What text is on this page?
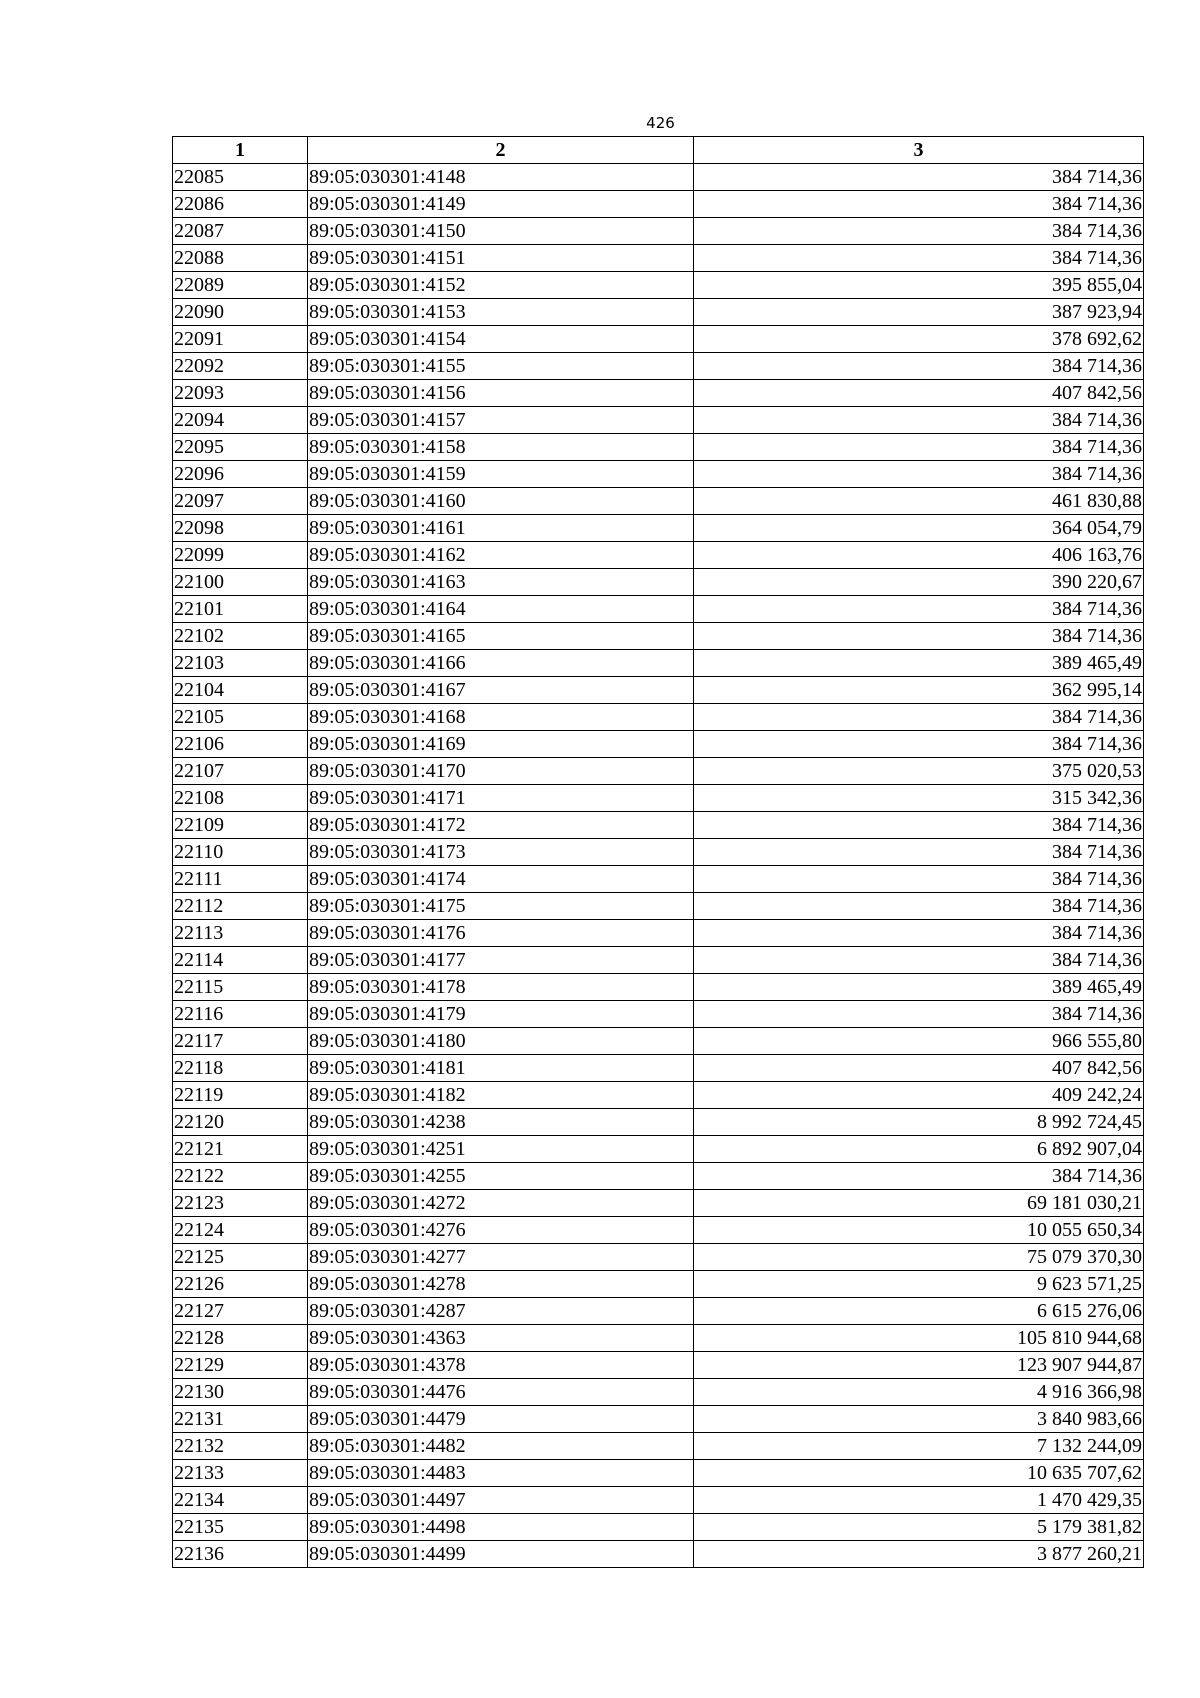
426
1	2	3
22085	89:05:030301:4148	384 714,36
22086	89:05:030301:4149	384 714,36
22087	89:05:030301:4150	384 714,36
22088	89:05:030301:4151	384 714,36
22089	89:05:030301:4152	395 855,04
22090	89:05:030301:4153	387 923,94
22091	89:05:030301:4154	378 692,62
22092	89:05:030301:4155	384 714,36
22093	89:05:030301:4156	407 842,56
22094	89:05:030301:4157	384 714,36
22095	89:05:030301:4158	384 714,36
22096	89:05:030301:4159	384 714,36
22097	89:05:030301:4160	461 830,88
22098	89:05:030301:4161	364 054,79
22099	89:05:030301:4162	406 163,76
22100	89:05:030301:4163	390 220,67
22101	89:05:030301:4164	384 714,36
22102	89:05:030301:4165	384 714,36
22103	89:05:030301:4166	389 465,49
22104	89:05:030301:4167	362 995,14
22105	89:05:030301:4168	384 714,36
22106	89:05:030301:4169	384 714,36
22107	89:05:030301:4170	375 020,53
22108	89:05:030301:4171	315 342,36
22109	89:05:030301:4172	384 714,36
22110	89:05:030301:4173	384 714,36
22111	89:05:030301:4174	384 714,36
22112	89:05:030301:4175	384 714,36
22113	89:05:030301:4176	384 714,36
22114	89:05:030301:4177	384 714,36
22115	89:05:030301:4178	389 465,49
22116	89:05:030301:4179	384 714,36
22117	89:05:030301:4180	966 555,80
22118	89:05:030301:4181	407 842,56
22119	89:05:030301:4182	409 242,24
22120	89:05:030301:4238	8 992 724,45
22121	89:05:030301:4251	6 892 907,04
22122	89:05:030301:4255	384 714,36
22123	89:05:030301:4272	69 181 030,21
22124	89:05:030301:4276	10 055 650,34
22125	89:05:030301:4277	75 079 370,30
22126	89:05:030301:4278	9 623 571,25
22127	89:05:030301:4287	6 615 276,06
22128	89:05:030301:4363	105 810 944,68
22129	89:05:030301:4378	123 907 944,87
22130	89:05:030301:4476	4 916 366,98
22131	89:05:030301:4479	3 840 983,66
22132	89:05:030301:4482	7 132 244,09
22133	89:05:030301:4483	10 635 707,62
22134	89:05:030301:4497	1 470 429,35
22135	89:05:030301:4498	5 179 381,82
22136	89:05:030301:4499	3 877 260,21
